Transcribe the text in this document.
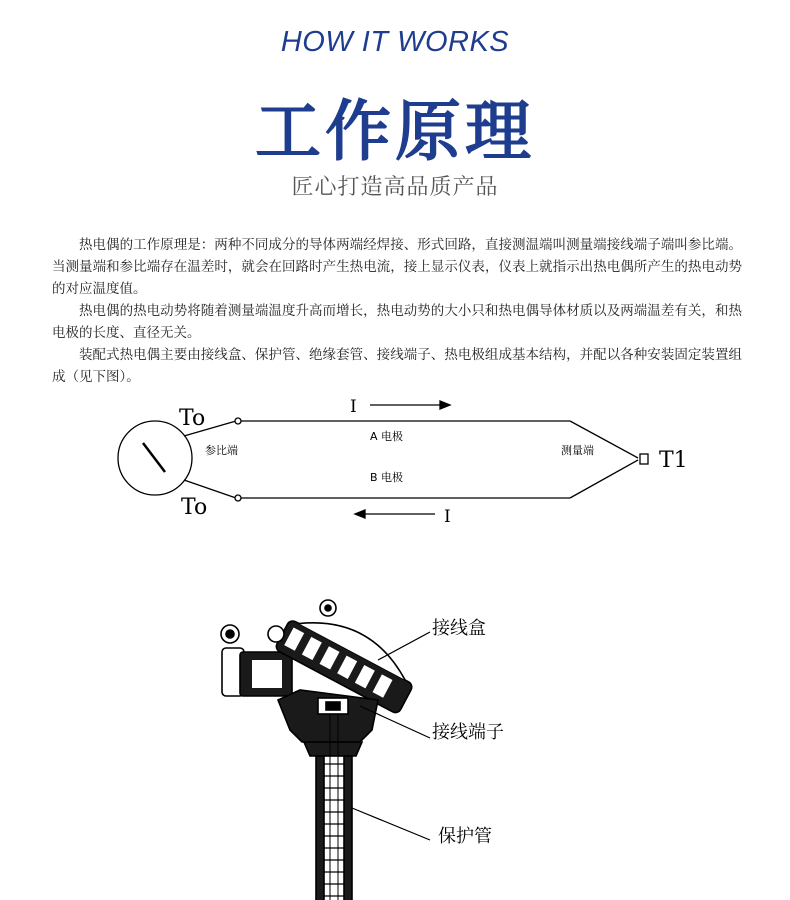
HOW IT WORKS
工作原理
匠心打造高品质产品

热电偶的工作原理是：两种不同成分的导体两端经焊接、形式回路，直接测温端叫测量端接线端子端叫参比端。当测量端和参比端存在温差时，就会在回路时产生热电流，接上显示仪表，仪表上就指示出热电偶所产生的热电动势的对应温度值。

热电偶的热电动势将随着测量端温度升高而增长，热电动势的大小只和热电偶导体材质以及两端温差有关，和热电极的长度、直径无关。

装配式热电偶主要由接线盒、保护管、绝缘套管、接线端子、热电极组成基本结构，并配以各种安装固定装置组成（见下图）。

To
To
T1
参比端	测量端
A 电极
B 电极
I
I
接线盒
接线端子
保护管
